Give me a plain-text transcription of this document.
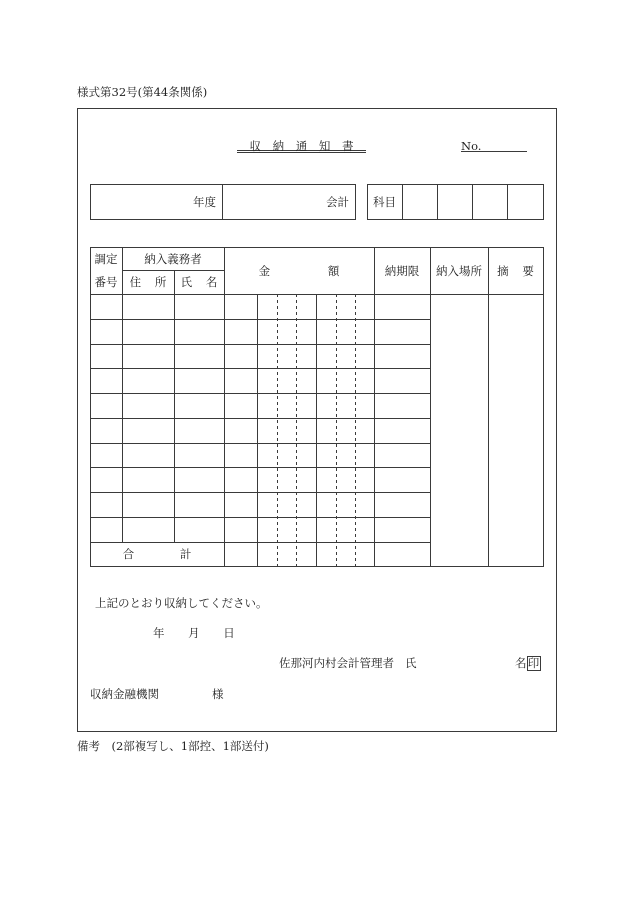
様式第32号(第44条関係)
収 納 通 知 書	No.
年度	会計	科目
調定
番号
納入義務者
住 所	氏 名
金 額	納期限	納入場所	摘 要
合 計
上記のとおり収納してください。
年 月 日
佐那河内村会計管理者 氏	名 印
収納金融機関	様
備考　(2部複写し、1部控、1部送付)
